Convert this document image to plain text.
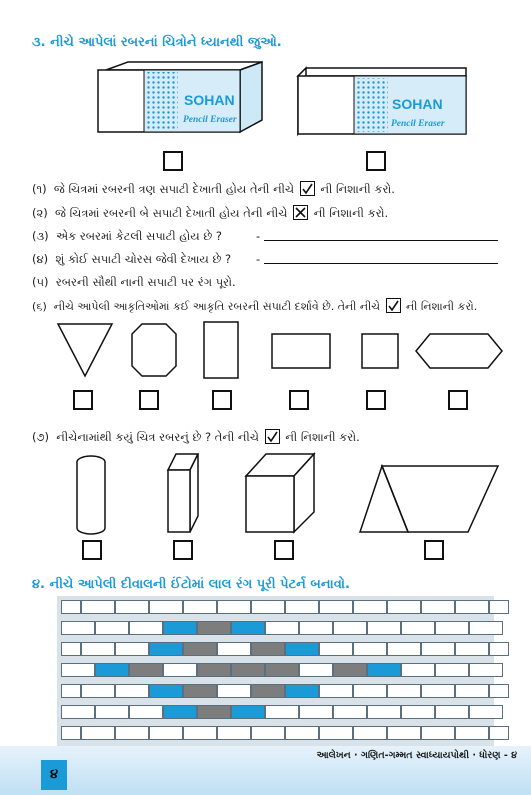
૩. નીચે આપેલાં રબરનાં ચિત્રોને ધ્યાનથી જુઓ.
SOHAN
Pencil Eraser
SOHAN
Pencil Eraser
(૧) જે ચિત્રમાં રબરની ત્રણ સપાટી દેખાતી હોય તેની નીચે ની નિશાની કરો.
(૨) જે ચિત્રમાં રબરની બે સપાટી દેખાતી હોય તેની નીચે ☒ ની નિશાની કરો.
(૩) એક રબરમાં કેટલી સપાટી હોય છે ?	-
(૪) શું કોઈ સપાટી ચોરસ જેવી દેખાય છે ? -
(૫) રબરની સૌથી નાની સપાટી પર રંગ પૂરો.
(૬) નીચે આપેલી આકૃતિઓમાં કઈ આકૃતિ રબરની સપાટી દર્શાવે છે. તેની નીચે ની નિશાની કરો.
(૭) નીચેનામાંથી કયું ચિત્ર રબરનું છે ? તેની નીચે ની નિશાની કરો.
૪. નીચે આપેલી દીવાલની ઈંટોમાં લાલ રંગ પૂરી પેટર્ન બનાવો.
આલેખન · ગણિત-ગમ્મત સ્વાધ્યાયપોથી · ધોરણ - ૪
૪
